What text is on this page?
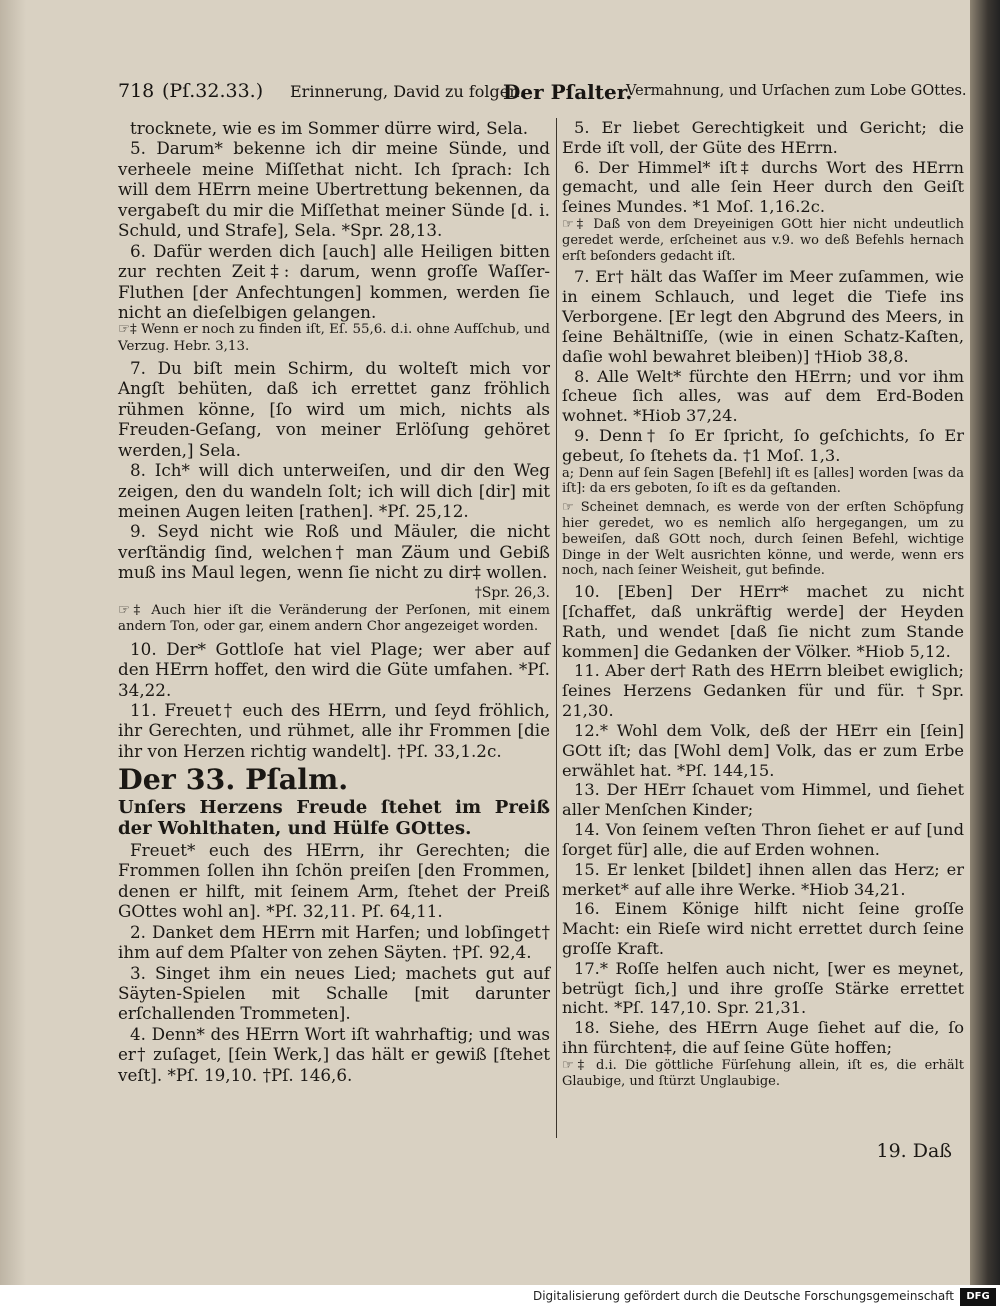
718 (Pſ.32.33.) Erinnerung, David zu folgen.
Der Pſalter.
Vermahnung, und Urſachen zum Lobe GOttes.

trocknete, wie es im Sommer dürre wird, Sela.

5. Darum* bekenne ich dir meine Sünde, und verheele meine Miſſethat nicht. Ich ſprach: Ich will dem HErrn meine Ubertrettung bekennen, da vergabeſt du mir die Miſſethat meiner Sünde [d. i. Schuld, und Strafe], Sela. *Spr. 28,13.

6. Dafür werden dich [auch] alle Heiligen bitten zur rechten Zeit‡: darum, wenn groſſe Waſſer-Fluthen [der Anfechtungen] kommen, werden ſie nicht an dieſelbigen gelangen.

☞‡ Wenn er noch zu finden iſt, Eſ. 55,6. d.i. ohne Aufſchub, und Verzug. Hebr. 3,13.

7. Du biſt mein Schirm, du wolteſt mich vor Angſt behüten, daß ich errettet ganz fröhlich rühmen könne, [ſo wird um mich, nichts als Freuden-Geſang, von meiner Erlöſung gehöret werden,] Sela.

8. Ich* will dich unterweiſen, und dir den Weg zeigen, den du wandeln ſolt; ich will dich [dir] mit meinen Augen leiten [rathen]. *Pſ. 25,12.

9. Seyd nicht wie Roß und Mäuler, die nicht verſtändig ſind, welchen† man Zäum und Gebiß muß ins Maul legen, wenn ſie nicht zu dir‡ wollen.

†Spr. 26,3.

☞‡ Auch hier iſt die Veränderung der Perſonen, mit einem andern Ton, oder gar, einem andern Chor angezeiget worden.

10. Der* Gottloſe hat viel Plage; wer aber auf den HErrn hoffet, den wird die Güte umfahen. *Pſ. 34,22.

11. Freuet† euch des HErrn, und ſeyd fröhlich, ihr Gerechten, und rühmet, alle ihr Frommen [die ihr von Herzen richtig wandelt]. †Pſ. 33,1.2c.

Der 33. Pſalm.

Unſers Herzens Freude ſtehet im Preiß der Wohlthaten, und Hülfe GOttes.

Freuet* euch des HErrn, ihr Gerechten; die Frommen ſollen ihn ſchön preiſen [den Frommen, denen er hilft, mit ſeinem Arm, ſtehet der Preiß GOttes wohl an]. *Pſ. 32,11. Pſ. 64,11.

2. Danket dem HErrn mit Harfen; und lobſinget† ihm auf dem Pſalter von zehen Säyten. †Pſ. 92,4.

3. Singet ihm ein neues Lied; machets gut auf Säyten-Spielen mit Schalle [mit darunter erſchallenden Trommeten].

4. Denn* des HErrn Wort iſt wahrhaftig; und was er† zuſaget, [ſein Werk,] das hält er gewiß [ſtehet veſt]. *Pſ. 19,10. †Pſ. 146,6.

5. Er liebet Gerechtigkeit und Gericht; die Erde iſt voll, der Güte des HErrn.

6. Der Himmel* iſt‡ durchs Wort des HErrn gemacht, und alle ſein Heer durch den Geiſt ſeines Mundes. *1 Moſ. 1,16.2c.

☞‡ Daß von dem Dreyeinigen GOtt hier nicht undeutlich geredet werde, erſcheinet aus v.9. wo deß Befehls hernach erſt beſonders gedacht iſt.

7. Er† hält das Waſſer im Meer zuſammen, wie in einem Schlauch, und leget die Tiefe ins Verborgene. [Er legt den Abgrund des Meers, in ſeine Behältniſſe, (wie in einen Schatz-Kaſten, daſie wohl bewahret bleiben)] †Hiob 38,8.

8. Alle Welt* fürchte den HErrn; und vor ihm ſcheue ſich alles, was auf dem Erd-Boden wohnet. *Hiob 37,24.

9. Denn† ſo Er ſpricht, ſo geſchichts, ſo Er gebeut, ſo ſtehets da. †1 Moſ. 1,3.

a; Denn auf ſein Sagen [Befehl] iſt es [alles] worden [was da iſt]: da ers geboten, ſo iſt es da geſtanden.

☞ Scheinet demnach, es werde von der erſten Schöpfung hier geredet, wo es nemlich alſo hergegangen, um zu beweiſen, daß GOtt noch, durch ſeinen Befehl, wichtige Dinge in der Welt ausrichten könne, und werde, wenn ers noch, nach ſeiner Weisheit, gut befinde.

10. [Eben] Der HErr* machet zu nicht [ſchaffet, daß unkräftig werde] der Heyden Rath, und wendet [daß ſie nicht zum Stande kommen] die Gedanken der Völker. *Hiob 5,12.

11. Aber der† Rath des HErrn bleibet ewiglich; ſeines Herzens Gedanken für und für. †Spr. 21,30.

12.* Wohl dem Volk, deß der HErr ein [ſein] GOtt iſt; das [Wohl dem] Volk, das er zum Erbe erwählet hat. *Pſ. 144,15.

13. Der HErr ſchauet vom Himmel, und ſiehet aller Menſchen Kinder;

14. Von ſeinem veſten Thron ſiehet er auf [und ſorget für] alle, die auf Erden wohnen.

15. Er lenket [bildet] ihnen allen das Herz; er merket* auf alle ihre Werke. *Hiob 34,21.

16. Einem Könige hilft nicht ſeine groſſe Macht: ein Rieſe wird nicht errettet durch ſeine groſſe Kraft.

17.* Roſſe helfen auch nicht, [wer es meynet, betrügt ſich,] und ihre groſſe Stärke errettet nicht. *Pſ. 147,10. Spr. 21,31.

18. Siehe, des HErrn Auge ſiehet auf die, ſo ihn fürchten‡, die auf ſeine Güte hoffen;

☞‡ d.i. Die göttliche Fürſehung allein, iſt es, die erhält Glaubige, und ſtürzt Unglaubige.

19. Daß
Digitalisierung gefördert durch die Deutsche Forschungsgemeinschaft	DFG
